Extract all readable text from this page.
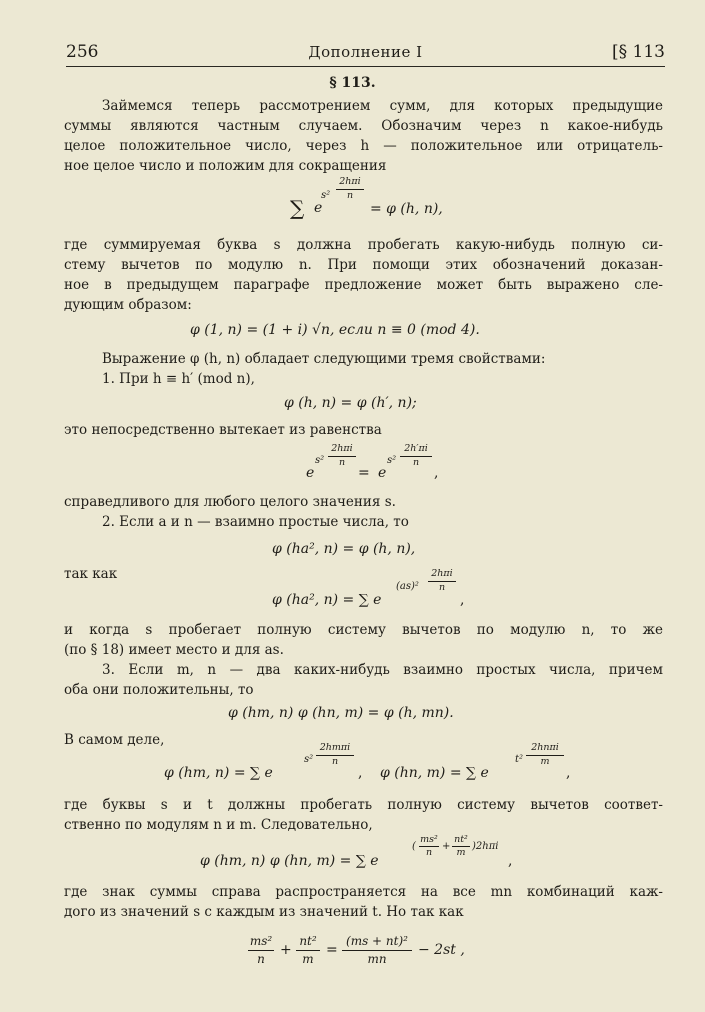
256	Дополнение I	[§ 113
§ 113.
Займемся теперь рассмотрением сумм, для которых предыдущие
суммы являются частным случаем. Обозначим через n какое-нибудь
целое положительное число, через h — положительное или отрицатель-
ное целое число и положим для сокращения
∑ e
s²
2hπi
n
= φ (h, n),
где суммируемая буква s должна пробегать какую-нибудь полную си-
стему вычетов по модулю n. При помощи этих обозначений доказан-
ное в предыдущем параграфе предложение может быть выражено сле-
дующим образом:
φ (1, n) = (1 + i) √n, если n ≡ 0 (mod 4).
Выражение φ (h, n) обладает следующими тремя свойствами:
1. При h ≡ h′ (mod n),
φ (h, n) = φ (h′, n);
это непосредственно вытекает из равенства
e
s²
2hπi
n
= e
s²
2h′πi
n
,
справедливого для любого целого значения s.
2. Если a и n — взаимно простые числа, то
φ (ha², n) = φ (h, n),
так как
φ (ha², n) = ∑ e
(as)²
2hπi
n
,
и когда s пробегает полную систему вычетов по модулю n, то же
(по § 18) имеет место и для as.
3. Если m, n — два каких-нибудь взаимно простых числа, причем
оба они положительны, то
φ (hm, n) φ (hn, m) = φ (h, mn).
В самом деле,
φ (hm, n) = ∑ e
s²
2hmπi
n
, φ (hn, m) = ∑ e
t²
2hnπi
m
,
где буквы s и t должны пробегать полную систему вычетов соответ-
ственно по модулям n и m. Следовательно,
φ (hm, n) φ (hn, m) = ∑ e
(
ms²
n
+
nt²
m
)2hπi
,
где знак суммы справа распространяется на все mn комбинаций каж-
дого из значений s с каждым из значений t. Но так как
ms²
n
+
nt²
m
=
(ms + nt)²
mn
− 2st ,
